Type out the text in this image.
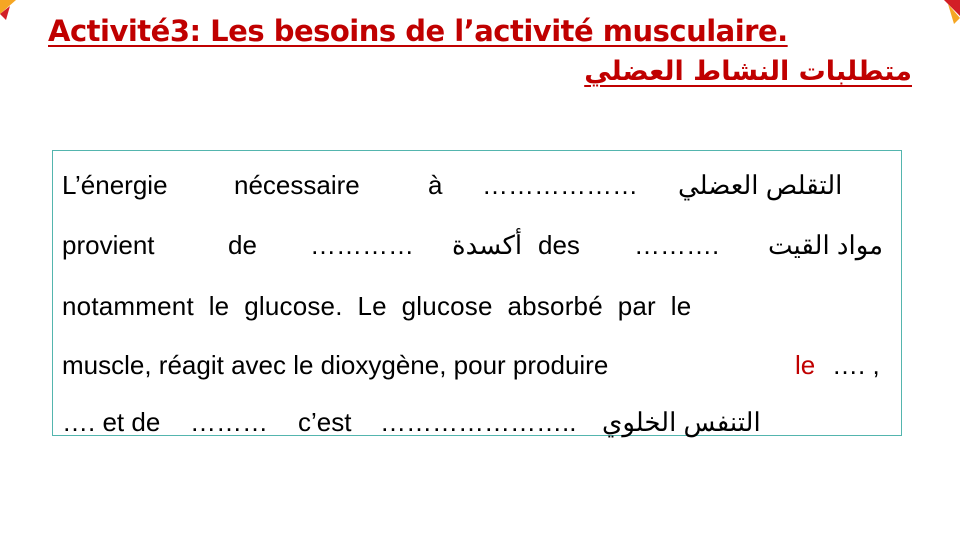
Activité3: Les besoins de l’activité musculaire.
متطلبات النشاط العضلي
L’énergie	nécessaire	à ……………… التقلص العضلي
provient	de ………… أكسدة des ………. مواد القيت
notamment  le  glucose.  Le  glucose  absorbé  par  le
muscle, réagit avec le dioxygène, pour produire	le …. ,
…. et de ……… c’est ………………….. التنفس الخلوي
